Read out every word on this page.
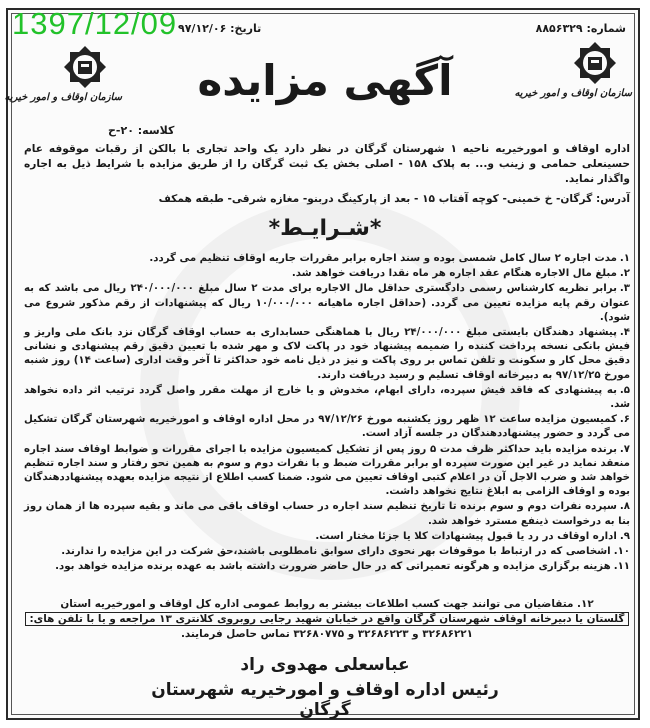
1397/12/09	شماره: ۸۸۵۶۳۲۹
تاریخ: ۹۷/۱۲/۰۶
سازمان اوقاف و امور خیریه
سازمان اوقاف و امور خیریه آگهی مزایده
کلاسه: ۲۰-ح
اداره اوقاف و امورخیریه ناحیه ۱ شهرستان گرگان در نظر دارد یک واحد تجاری با بالکن از رقبات موقوفه عام حسینعلی حمامی و زینب و... به پلاک ۱۵۸ - اصلی بخش یک ثبت گرگان را از طریق مزایده با شرایط ذیل به اجاره واگذار نماید.
آدرس: گرگان- خ خمینی- کوچه آفتاب ۱۵ - بعد از پارکینگ دربنو- مغازه شرقی- طبقه همکف
*شـرایـط*
۱.مدت اجاره ۲ سال کامل شمسی بوده و سند اجاره برابر مقررات جاریه اوقاف تنظیم می گردد.
۲.مبلغ مال الاجاره هنگام عقد اجاره هر ماه نقدا دریافت خواهد شد.
۳.برابر نظریه کارشناس رسمی دادگستری حداقل مال الاجاره برای مدت ۲ سال مبلغ ۲۴۰/۰۰۰/۰۰۰ ریال می باشد که به عنوان رقم پایه مزایده تعیین می گردد. (حداقل اجاره ماهیانه ۱۰/۰۰۰/۰۰۰ ریال که پیشنهادات از رقم مذکور شروع می شود).
۴.پیشنهاد دهندگان بایستی مبلغ ۲۴/۰۰۰/۰۰۰ ریال با هماهنگی حسابداری به حساب اوقاف گرگان نزد بانک ملی واریز و فیش بانکی نسخه پرداخت کننده را ضمیمه پیشنهاد خود در پاکت لاک و مهر شده با تعیین دقیق رقم پیشنهادی و نشانی دقیق محل کار و سکونت و تلفن تماس بر روی پاکت و نیز در ذیل نامه خود حداکثر تا آخر وقت اداری (ساعت ۱۴) روز شنبه مورخ ۹۷/۱۲/۲۵ به دبیرخانه اوقاف تسلیم و رسید دریافت دارند.
۵.به پیشنهادی که فاقد فیش سپرده، دارای ابهام، مخدوش و یا خارج از مهلت مقرر واصل گردد ترتیب اثر داده نخواهد شد.
۶.کمیسیون مزایده ساعت ۱۲ ظهر روز یکشنبه مورخ ۹۷/۱۲/۲۶ در محل اداره اوقاف و امورخیریه شهرستان گرگان تشکیل می گردد و حضور پیشنهاددهندگان در جلسه آزاد است.
۷.برنده مزایده باید حداکثر ظرف مدت ۵ روز پس از تشکیل کمیسیون مزایده با اجرای مقررات و ضوابط اوقاف سند اجاره منعقد نماید در غیر این صورت سپرده او برابر مقررات ضبط و با نفرات دوم و سوم به همین نحو رفتار و سند اجاره تنظیم خواهد شد و ضرب الاجل آن در اعلام کتبی اوقاف تعیین می شود. ضمنا کسب اطلاع از نتیجه مزایده بعهده پیشنهاددهندگان بوده و اوقاف الزامی به ابلاغ نتایج نخواهد داشت.
۸.سپرده نفرات دوم و سوم برنده تا تاریخ تنظیم سند اجاره در حساب اوقاف باقی می ماند و بقیه سپرده ها از همان روز بنا به درخواست ذینفع مسترد خواهد شد.
۹.اداره اوقاف در رد یا قبول پیشنهادات کلا یا جزئا مختار است.
۱۰.اشخاصی که در ارتباط با موقوفات بهر نحوی دارای سوابق نامطلوبی باشند،حق شرکت در این مزایده را ندارند.
۱۱.هزینه برگزاری مزایده و هرگونه تعمیراتی که در حال حاضر ضرورت داشته باشد به عهده برنده مزایده خواهد بود.
۱۲. متقاضیان می توانند جهت کسب اطلاعات بیشتر به روابط عمومی اداره کل اوقاف و امورخیریه استان
گلستان یا دبیرخانه اوقاف شهرستان گرگان واقع در خیابان شهید رجایی روبروی کلانتری ۱۳ مراجعه و یا با تلفن های:
۳۲۶۸۶۲۲۱ و ۳۲۶۸۶۲۲۳ و ۳۲۶۸۰۷۷۵ تماس حاصل فرمایند.
عباسعلی مهدوی راد
رئیس اداره اوقاف و امورخیریه شهرستان گرگان
